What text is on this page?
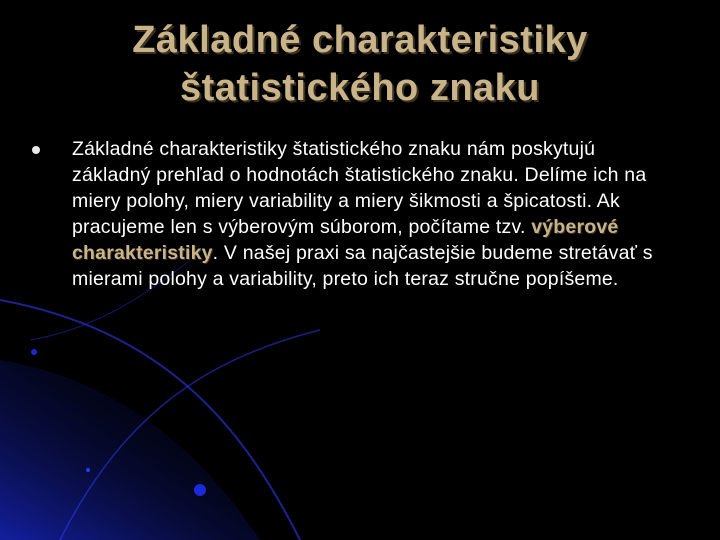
Základné charakteristiky
štatistického znaku
Základné charakteristiky štatistického znaku nám poskytujú základný prehľad o hodnotách štatistického znaku. Delíme ich na miery polohy, miery variability a miery šikmosti a špicatosti. Ak pracujeme len s výberovým súborom, počítame tzv. výberové charakteristiky. V našej praxi sa najčastejšie budeme stretávať s mierami polohy a variability, preto ich teraz stručne popíšeme.
